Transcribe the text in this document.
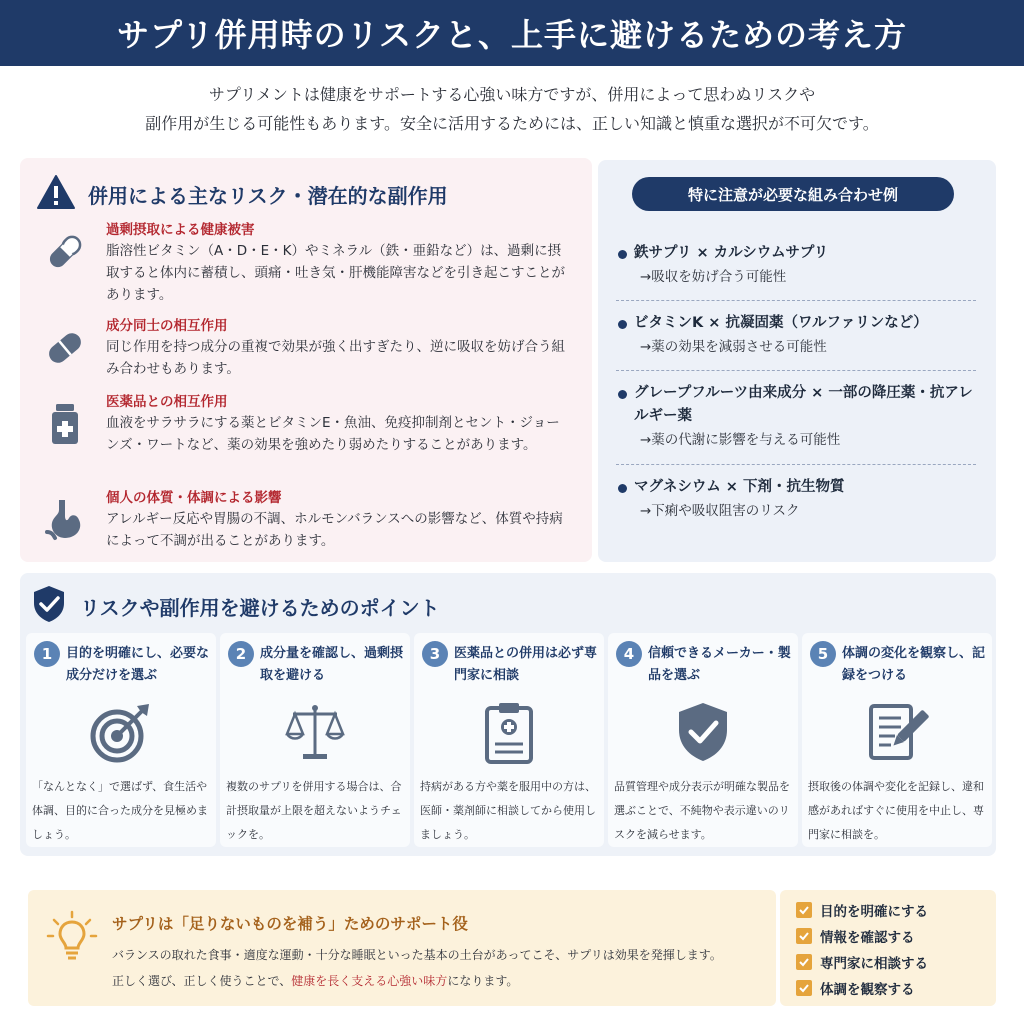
サプリ併用時のリスクと、上手に避けるための考え方
サプリメントは健康をサポートする心強い味方ですが、併用によって思わぬリスクや
副作用が生じる可能性もあります。安全に活用するためには、正しい知識と慎重な選択が不可欠です。
併用による主なリスク・潜在的な副作用
過剰摂取による健康被害
脂溶性ビタミン（A・D・E・K）やミネラル（鉄・亜鉛など）は、過剰に摂取すると体内に蓄積し、頭痛・吐き気・肝機能障害などを引き起こすことがあります。
成分同士の相互作用
同じ作用を持つ成分の重複で効果が強く出すぎたり、逆に吸収を妨げ合う組み合わせもあります。
医薬品との相互作用
血液をサラサラにする薬とビタミンE・魚油、免疫抑制剤とセント・ジョーンズ・ワートなど、薬の効果を強めたり弱めたりすることがあります。
個人の体質・体調による影響
アレルギー反応や胃腸の不調、ホルモンバランスへの影響など、体質や持病によって不調が出ることがあります。
特に注意が必要な組み合わせ例
鉄サプリ × カルシウムサプリ
→吸収を妨げ合う可能性
ビタミンK × 抗凝固薬（ワルファリンなど）
→薬の効果を減弱させる可能性
グレープフルーツ由来成分 × 一部の降圧薬・抗アレルギー薬
→薬の代謝に影響を与える可能性
マグネシウム × 下剤・抗生物質
→下痢や吸収阻害のリスク
リスクや副作用を避けるためのポイント
1	目的を明確にし、必要な成分だけを選ぶ
「なんとなく」で選ばず、食生活や体調、目的に合った成分を見極めましょう。
2	成分量を確認し、過剰摂取を避ける
複数のサプリを併用する場合は、合計摂取量が上限を超えないようチェックを。
3	医薬品との併用は必ず専門家に相談
持病がある方や薬を服用中の方は、医師・薬剤師に相談してから使用しましょう。
4	信頼できるメーカー・製品を選ぶ
品質管理や成分表示が明確な製品を選ぶことで、不純物や表示違いのリスクを減らせます。
5	体調の変化を観察し、記録をつける
摂取後の体調や変化を記録し、違和感があればすぐに使用を中止し、専門家に相談を。
サプリは「足りないものを補う」ためのサポート役
バランスの取れた食事・適度な運動・十分な睡眠といった基本の土台があってこそ、サプリは効果を発揮します。
正しく選び、正しく使うことで、健康を長く支える心強い味方になります。
目的を明確にする
情報を確認する
専門家に相談する
体調を観察する
